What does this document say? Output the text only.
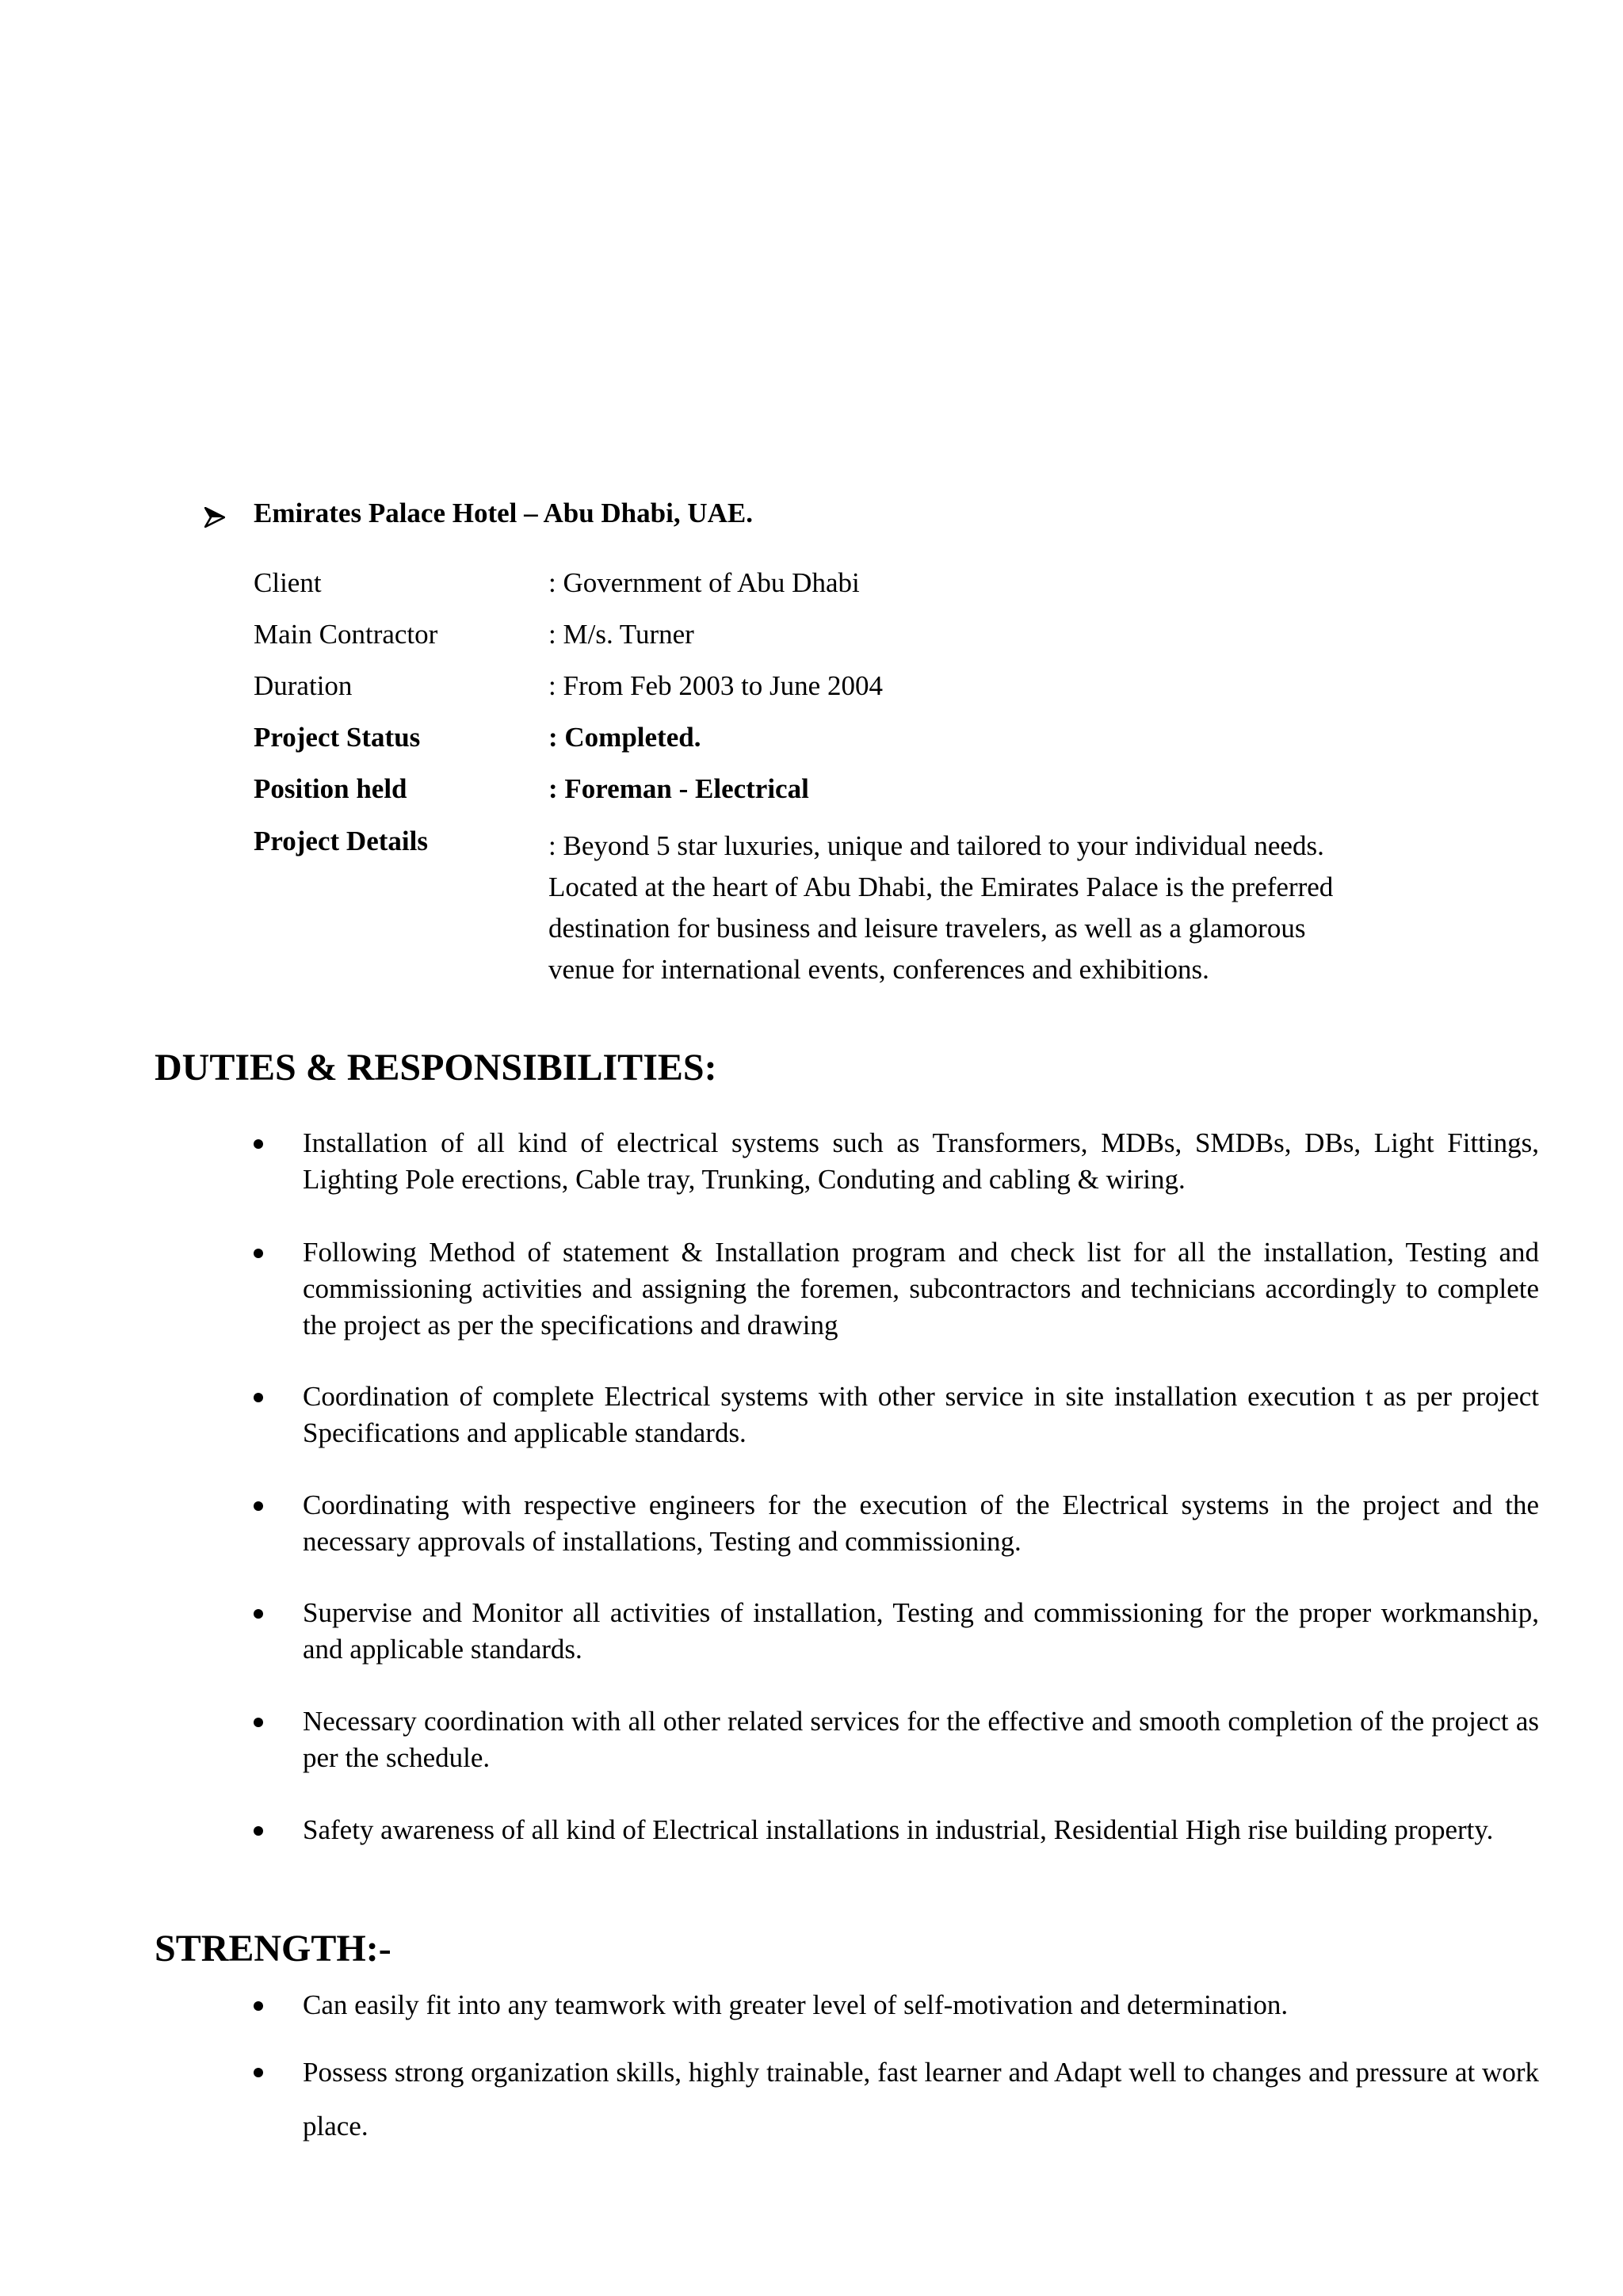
Emirates Palace Hotel – Abu Dhabi, UAE.
Client	: Government of Abu Dhabi
Main Contractor	: M/s. Turner
Duration	: From Feb 2003 to June 2004
Project Status	: Completed.
Position held	: Foreman - Electrical
Project Details	: Beyond 5 star luxuries, unique and tailored to your individual needs. Located at the heart of Abu Dhabi, the Emirates Palace is the preferred destination for business and leisure travelers, as well as a glamorous venue for international events, conferences and exhibitions.
DUTIES & RESPONSIBILITIES:
Installation of all kind of electrical systems such as Transformers, MDBs, SMDBs, DBs, Light Fittings, Lighting Pole erections, Cable tray, Trunking, Conduting and cabling & wiring.
Following Method of statement & Installation program and check list for all the installation, Testing and commissioning activities and assigning the foremen, subcontractors and technicians accordingly to complete the project as per the specifications and drawing
Coordination of complete Electrical systems with other service in site installation execution t as per project Specifications and applicable standards.
Coordinating with respective engineers for the execution of the Electrical systems in the project and the necessary approvals of installations, Testing and commissioning.
Supervise and Monitor all activities of installation, Testing and commissioning for the proper workmanship, and applicable standards.
Necessary coordination with all other related services for the effective and smooth completion of the project as per the schedule.
Safety awareness of all kind of Electrical installations in industrial, Residential High rise building property.
STRENGTH:-
Can easily fit into any teamwork with greater level of self-motivation and determination.
Possess strong organization skills, highly trainable, fast learner and Adapt well to changes and pressure at work place.
